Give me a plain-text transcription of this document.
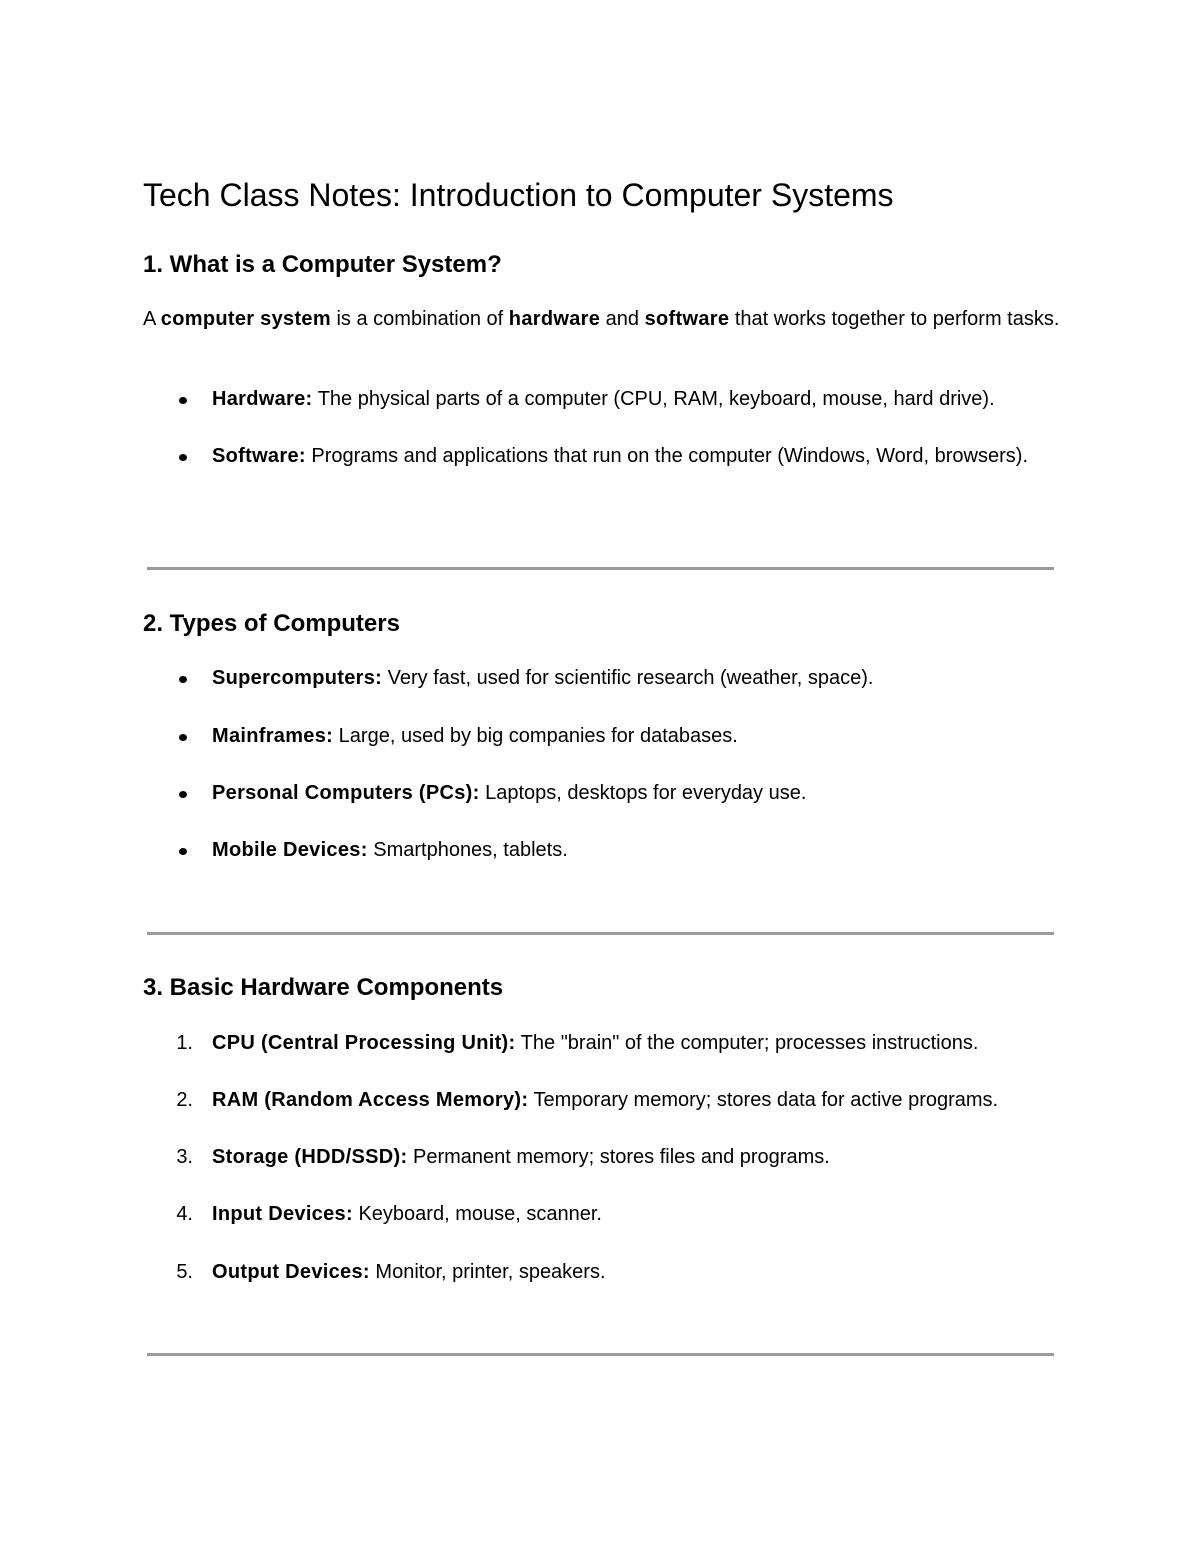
Tech Class Notes: Introduction to Computer Systems
1. What is a Computer System?

A computer system is a combination of hardware and software that works together to perform tasks.

Hardware: The physical parts of a computer (CPU, RAM, keyboard, mouse, hard drive).

Software: Programs and applications that run on the computer (Windows, Word, browsers).

2. Types of Computers

Supercomputers: Very fast, used for scientific research (weather, space).

Mainframes: Large, used by big companies for databases.

Personal Computers (PCs): Laptops, desktops for everyday use.

Mobile Devices: Smartphones, tablets.

3. Basic Hardware Components
1. CPU (Central Processing Unit): The "brain" of the computer; processes instructions.

2. RAM (Random Access Memory): Temporary memory; stores data for active programs.

3. Storage (HDD/SSD): Permanent memory; stores files and programs.

4. Input Devices: Keyboard, mouse, scanner.

5. Output Devices: Monitor, printer, speakers.
